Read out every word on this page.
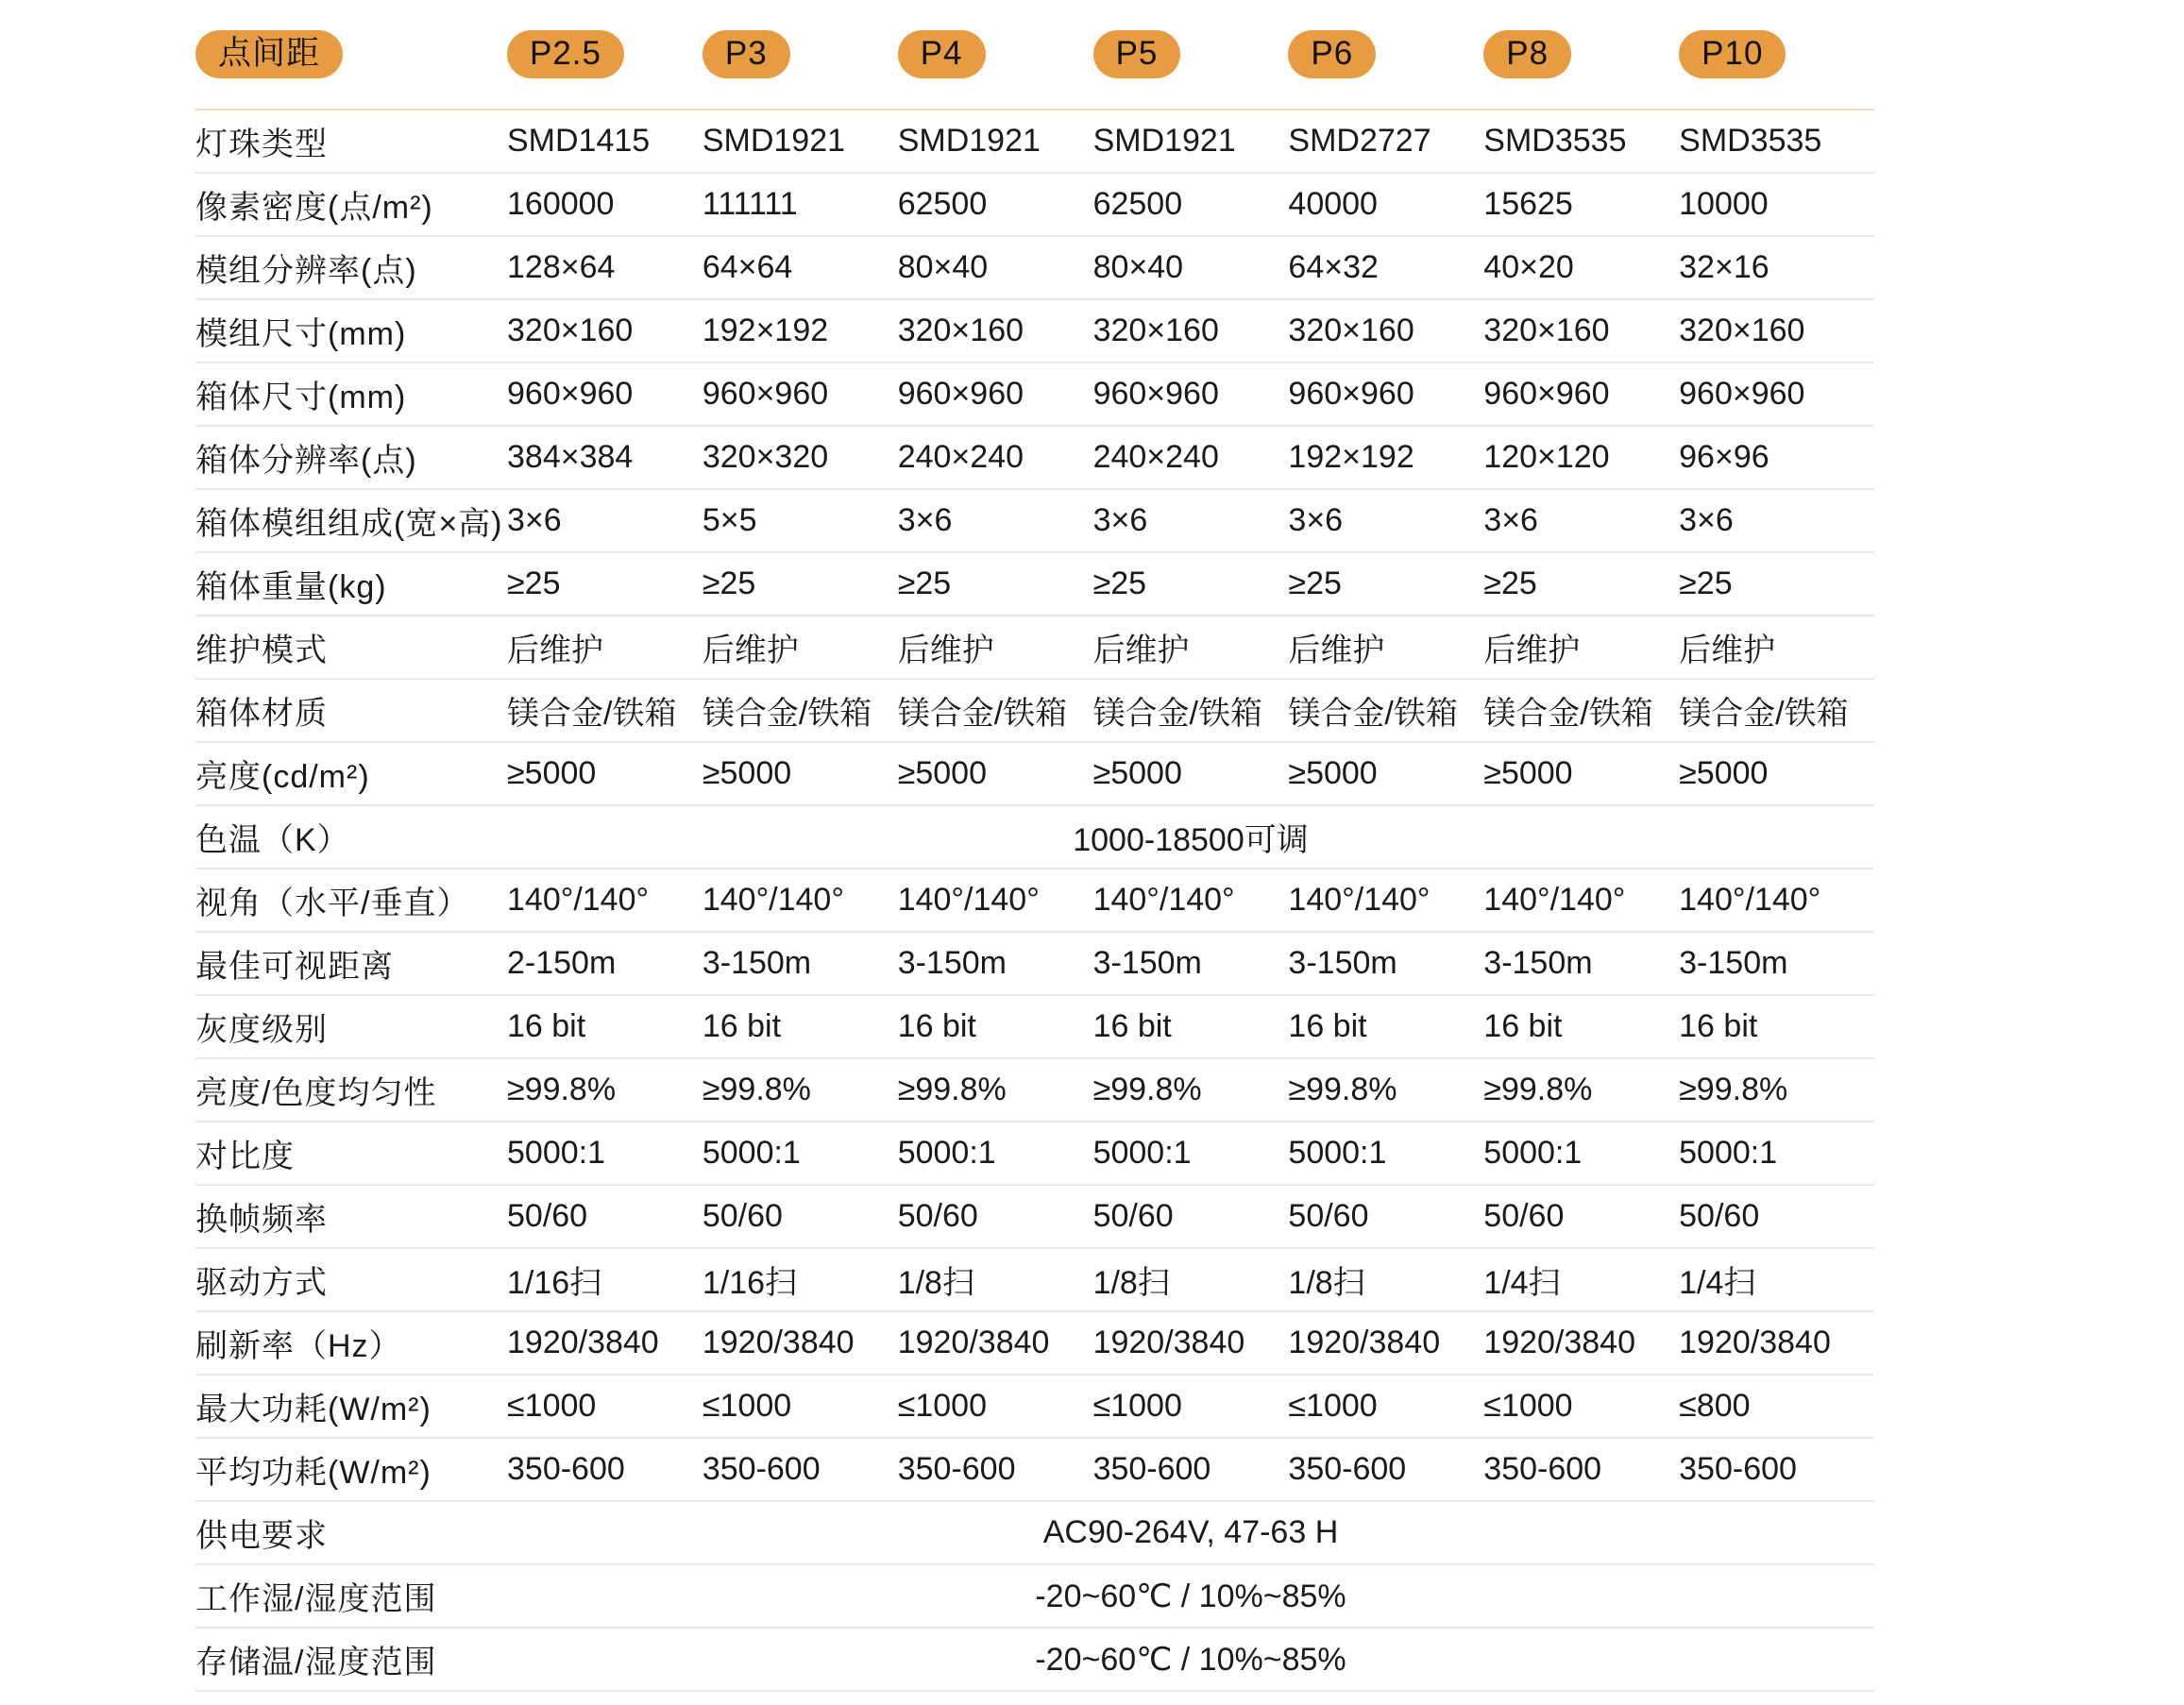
点间距	P2.5	P3	P4	P5	P6	P8	P10
灯珠类型	SMD1415	SMD1921	SMD1921	SMD1921	SMD2727	SMD3535	SMD3535
像素密度(点/m²)	160000	111111	62500	62500	40000	15625	10000
模组分辨率(点)	128×64	64×64	80×40	80×40	64×32	40×20	32×16
模组尺寸(mm)	320×160	192×192	320×160	320×160	320×160	320×160	320×160
箱体尺寸(mm)	960×960	960×960	960×960	960×960	960×960	960×960	960×960
箱体分辨率(点)	384×384	320×320	240×240	240×240	192×192	120×120	96×96
箱体模组组成(宽×高) 3×6	5×5	3×6	3×6	3×6	3×6	3×6
箱体重量(kg)	≥25	≥25	≥25	≥25	≥25	≥25	≥25
维护模式	后维护	后维护	后维护	后维护	后维护	后维护	后维护
箱体材质	镁合金/铁箱 镁合金/铁箱 镁合金/铁箱 镁合金/铁箱 镁合金/铁箱 镁合金/铁箱 镁合金/铁箱
亮度(cd/m²)	≥5000	≥5000	≥5000	≥5000	≥5000	≥5000	≥5000
色温（K）	1000-18500可调
视角（水平/垂直）	140°/140°	140°/140°	140°/140°	140°/140°	140°/140°	140°/140°	140°/140°
最佳可视距离	2-150m	3-150m	3-150m	3-150m	3-150m	3-150m	3-150m
灰度级别	16 bit	16 bit	16 bit	16 bit	16 bit	16 bit	16 bit
亮度/色度均匀性	≥99.8%	≥99.8%	≥99.8%	≥99.8%	≥99.8%	≥99.8%	≥99.8%
对比度	5000:1	5000:1	5000:1	5000:1	5000:1	5000:1	5000:1
换帧频率	50/60	50/60	50/60	50/60	50/60	50/60	50/60
驱动方式	1/16扫	1/16扫	1/8扫	1/8扫	1/8扫	1/4扫	1/4扫
刷新率（Hz）	1920/3840	1920/3840	1920/3840	1920/3840	1920/3840	1920/3840	1920/3840
最大功耗(W/m²)	≤1000	≤1000	≤1000	≤1000	≤1000	≤1000	≤800
平均功耗(W/m²)	350-600	350-600	350-600	350-600	350-600	350-600	350-600
供电要求	AC90-264V, 47-63 H
工作湿/湿度范围	-20~60℃ / 10%~85%
存储温/湿度范围	-20~60℃ / 10%~85%
